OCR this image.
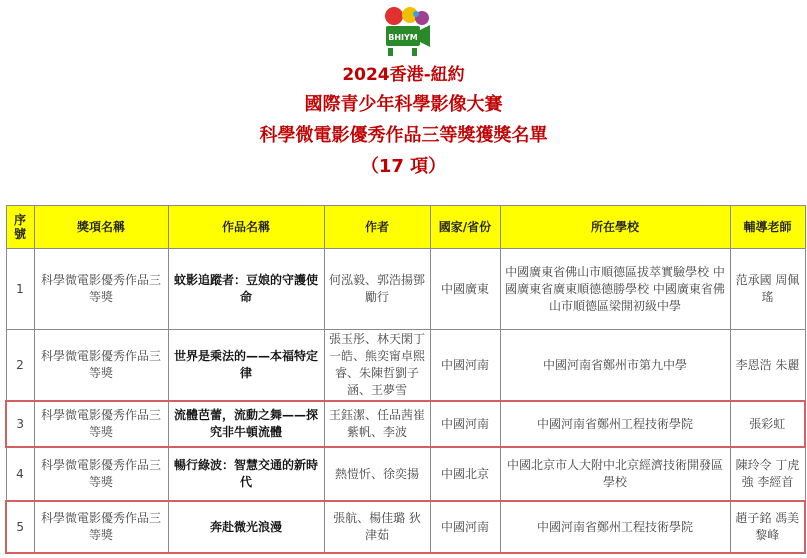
BHIYM
2024香港-紐約
國際青少年科學影像大賽
科學微電影優秀作品三等獎獲獎名單
（17 項）
序號	獎項名稱	作品名稱	作者	國家/省份	所在學校	輔導老師
1	科學微電影優秀作品三等獎	蚊影追蹤者：豆娘的守護使命	何泓毅、郭浩揚鄧勵行	中國廣東	中國廣東省佛山市順德區拔萃實驗學校 中國廣東省廣東順德德勝學校 中國廣東省佛山市順德區梁開初級中學	范承國 周佩瑤
2	科學微電影優秀作品三等獎	世界是乘法的——本福特定律	張玉彤、林天閑丁一皓、熊奕甯卓熙睿、朱陳哲劉子涵、王夢雪	中國河南	中國河南省鄭州市第九中學	李恩浩 朱麗
3	科學微電影優秀作品三等獎	流體芭蕾，流動之舞——探究非牛頓流體	王鈺潔、任品茜崔紫帆、李波	中國河南	中國河南省鄭州工程技術學院	張彩虹
4	科學微電影優秀作品三等獎	暢行綠波：智慧交通的新時代	熱愷忻、徐奕揚	中國北京	中國北京市人大附中北京經濟技術開發區學校	陳玲令 丁虎強 李經首
5	科學微電影優秀作品三等獎	奔赴微光浪漫	張航、楊佳璐 狄津茹	中國河南	中國河南省鄭州工程技術學院	趙子銘 馮美 黎峰
